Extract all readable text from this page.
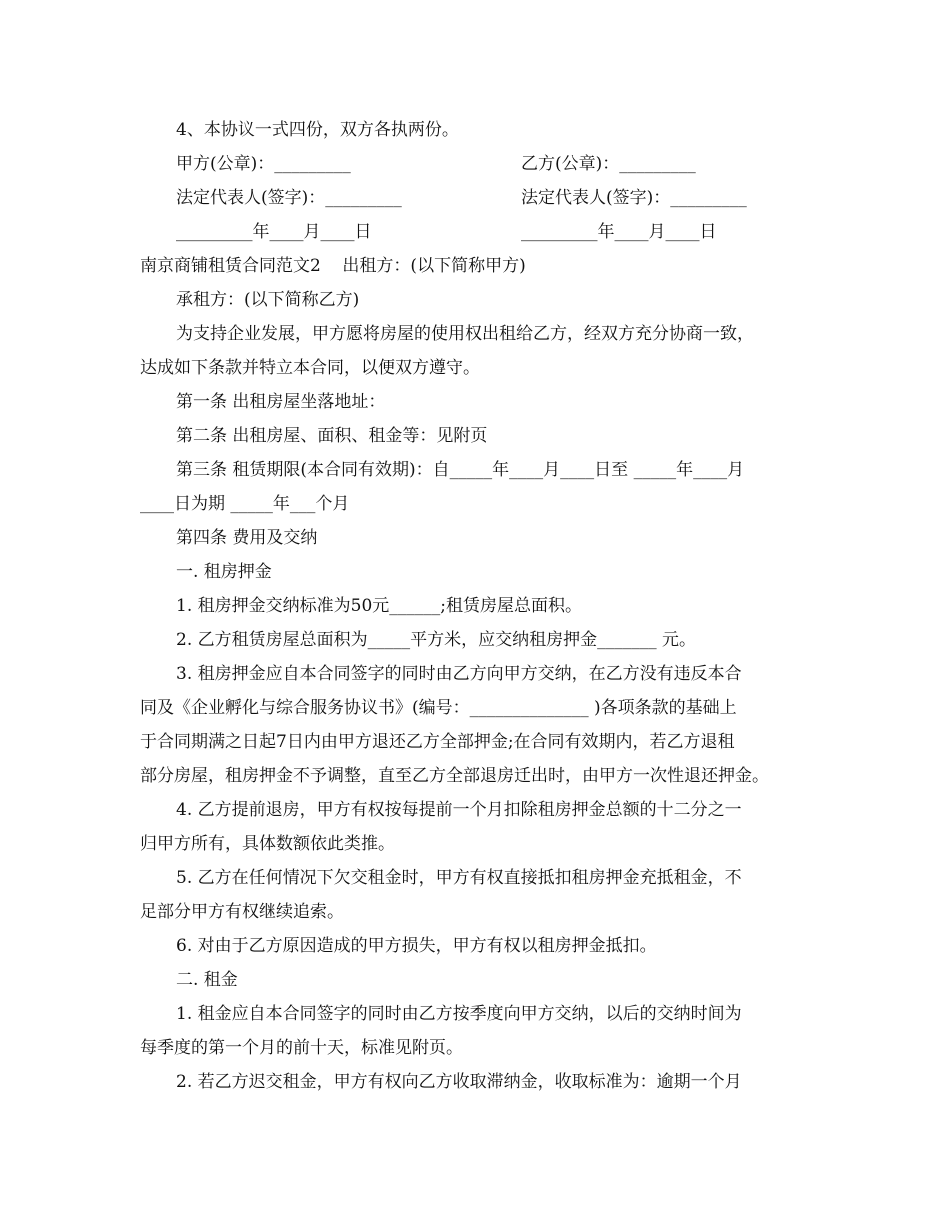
4、本协议一式四份，双方各执两份。
甲方(公章)：_________	乙方(公章)：_________
法定代表人(签字)：_________	法定代表人(签字)：_________
_________年____月____日	_________年____月____日
南京商铺租赁合同范文2    出租方：(以下简称甲方)
承租方：(以下简称乙方)
为支持企业发展，甲方愿将房屋的使用权出租给乙方，经双方充分协商一致，
达成如下条款并特立本合同，以便双方遵守。
第一条 出租房屋坐落地址：
第二条 出租房屋、面积、租金等：见附页
第三条 租赁期限(本合同有效期)：自_____年____月____日至 _____年____月
____日为期 _____年___个月
第四条 费用及交纳
一. 租房押金
1. 租房押金交纳标准为50元______;租赁房屋总面积。
2. 乙方租赁房屋总面积为_____平方米，应交纳租房押金_______ 元。
3. 租房押金应自本合同签字的同时由乙方向甲方交纳，在乙方没有违反本合
同及《企业孵化与综合服务协议书》(编号：______________ )各项条款的基础上
于合同期满之日起7日内由甲方退还乙方全部押金;在合同有效期内，若乙方退租
部分房屋，租房押金不予调整，直至乙方全部退房迁出时，由甲方一次性退还押金。
4. 乙方提前退房，甲方有权按每提前一个月扣除租房押金总额的十二分之一
归甲方所有，具体数额依此类推。
5. 乙方在任何情况下欠交租金时，甲方有权直接抵扣租房押金充抵租金，不
足部分甲方有权继续追索。
6. 对由于乙方原因造成的甲方损失，甲方有权以租房押金抵扣。
二. 租金
1. 租金应自本合同签字的同时由乙方按季度向甲方交纳，以后的交纳时间为
每季度的第一个月的前十天，标准见附页。
2. 若乙方迟交租金，甲方有权向乙方收取滞纳金，收取标准为：逾期一个月
